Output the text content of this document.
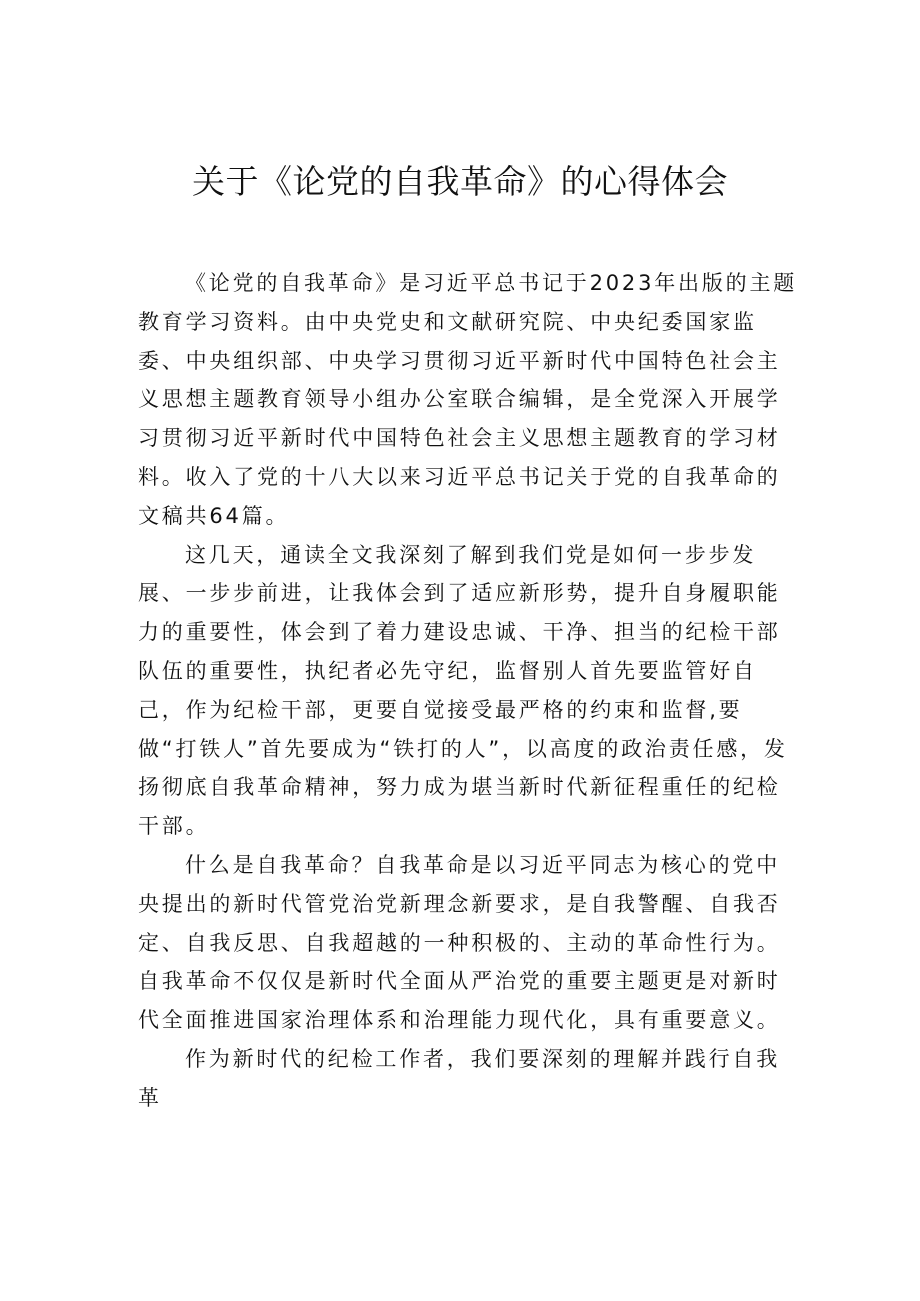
关于《论党的自我革命》的心得体会

《论党的自我革命》是习近平总书记于2023年出版的主题教育学习资料。由中央党史和文献研究院、中央纪委国家监委、中央组织部、中央学习贯彻习近平新时代中国特色社会主义思想主题教育领导小组办公室联合编辑，是全党深入开展学习贯彻习近平新时代中国特色社会主义思想主题教育的学习材料。收入了党的十八大以来习近平总书记关于党的自我革命的文稿共64篇。

这几天，通读全文我深刻了解到我们党是如何一步步发展、一步步前进，让我体会到了适应新形势，提升自身履职能力的重要性，体会到了着力建设忠诚、干净、担当的纪检干部队伍的重要性，执纪者必先守纪，监督别人首先要监管好自己，作为纪检干部，更要自觉接受最严格的约束和监督,要做“打铁人”首先要成为“铁打的人”，以高度的政治责任感，发扬彻底自我革命精神，努力成为堪当新时代新征程重任的纪检干部。

什么是自我革命？自我革命是以习近平同志为核心的党中央提出的新时代管党治党新理念新要求，是自我警醒、自我否定、自我反思、自我超越的一种积极的、主动的革命性行为。自我革命不仅仅是新时代全面从严治党的重要主题更是对新时代全面推进国家治理体系和治理能力现代化，具有重要意义。

作为新时代的纪检工作者，我们要深刻的理解并践行自我革
